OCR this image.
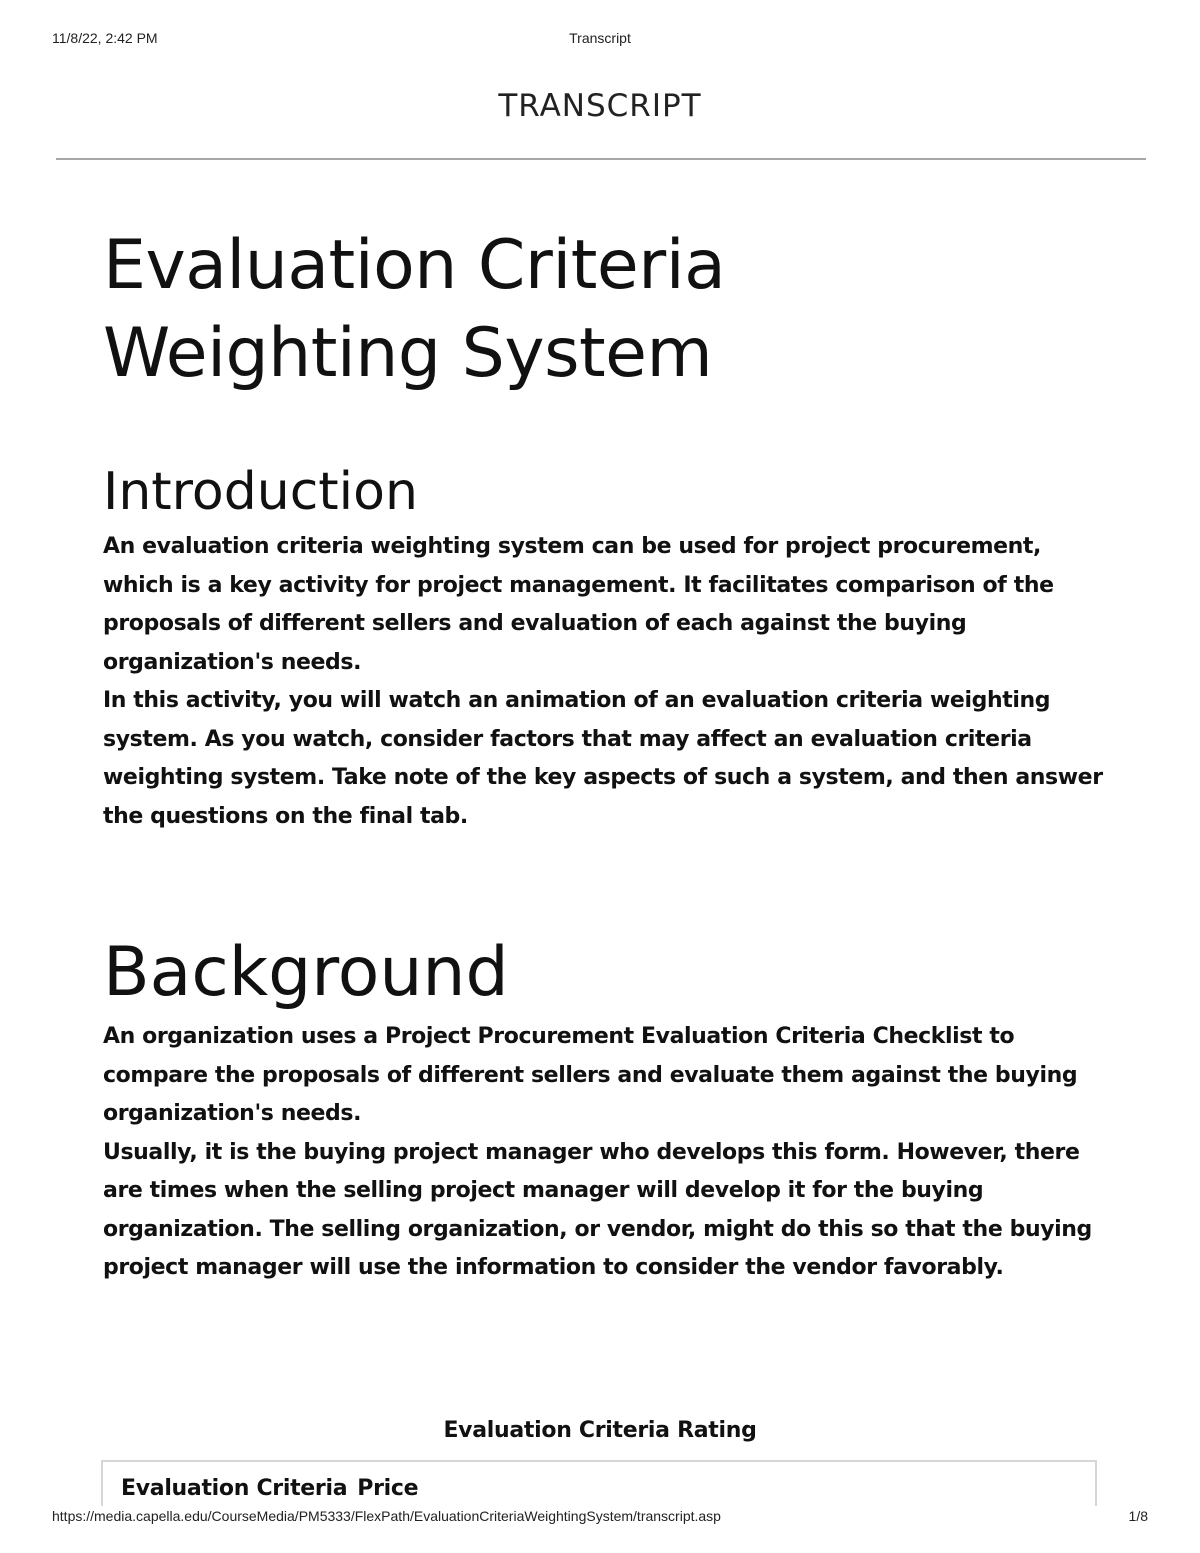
11/8/22, 2:42 PM	Transcript
TRANSCRIPT
Evaluation Criteria
Weighting System
Introduction

An evaluation criteria weighting system can be used for project procurement, which is a key activity for project management. It facilitates comparison of the proposals of different sellers and evaluation of each against the buying organization's needs.

In this activity, you will watch an animation of an evaluation criteria weighting system. As you watch, consider factors that may affect an evaluation criteria weighting system. Take note of the key aspects of such a system, and then answer the questions on the final tab.

Background

An organization uses a Project Procurement Evaluation Criteria Checklist to compare the proposals of different sellers and evaluate them against the buying organization's needs.

Usually, it is the buying project manager who develops this form. However, there are times when the selling project manager will develop it for the buying organization. The selling organization, or vendor, might do this so that the buying project manager will use the information to consider the vendor favorably.

Evaluation Criteria Rating
Evaluation Criteria Price
https://media.capella.edu/CourseMedia/PM5333/FlexPath/EvaluationCriteriaWeightingSystem/transcript.asp	1/8
